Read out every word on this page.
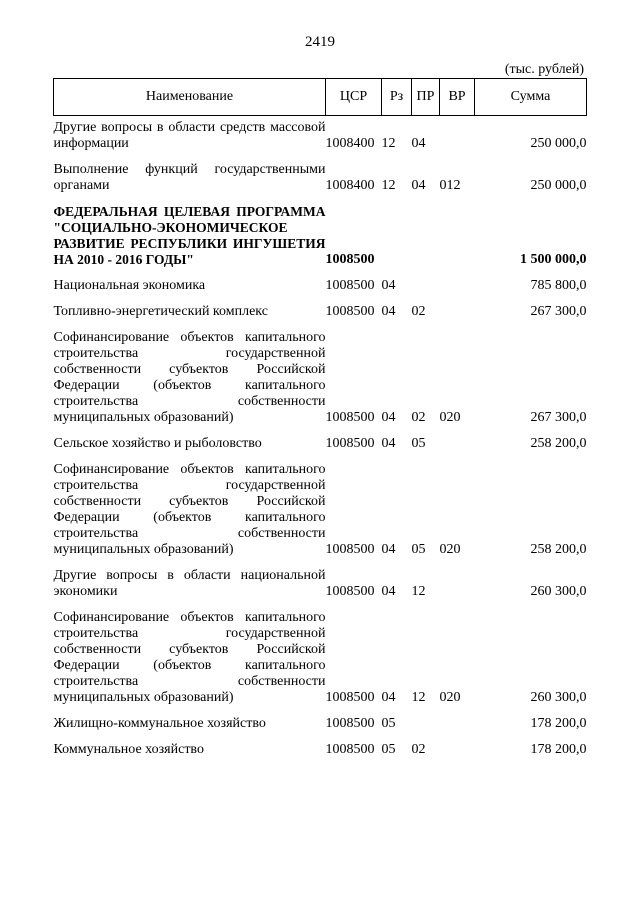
2419
(тыс. рублей)
Наименование	ЦСР	Рз	ПР	ВР	Сумма
Другие вопросы в области средств массовой информации	1008400	12	04		250 000,0
Выполнение функций государственными органами	1008400	12	04	012	250 000,0
ФЕДЕРАЛЬНАЯ ЦЕЛЕВАЯ ПРОГРАММА "СОЦИАЛЬНО-ЭКОНОМИЧЕСКОЕ РАЗВИТИЕ РЕСПУБЛИКИ ИНГУШЕТИЯ НА 2010 - 2016 ГОДЫ"	1008500				1 500 000,0
Национальная экономика	1008500	04			785 800,0
Топливно-энергетический комплекс	1008500	04	02		267 300,0
Софинансирование объектов капитального строительства государственной собственности субъектов Российской Федерации (объектов капитального строительства собственности муниципальных образований)	1008500	04	02	020	267 300,0
Сельское хозяйство и рыболовство	1008500	04	05		258 200,0
Софинансирование объектов капитального строительства государственной собственности субъектов Российской Федерации (объектов капитального строительства собственности муниципальных образований)	1008500	04	05	020	258 200,0
Другие вопросы в области национальной экономики	1008500	04	12		260 300,0
Софинансирование объектов капитального строительства государственной собственности субъектов Российской Федерации (объектов капитального строительства собственности муниципальных образований)	1008500	04	12	020	260 300,0
Жилищно-коммунальное хозяйство	1008500	05			178 200,0
Коммунальное хозяйство	1008500	05	02		178 200,0
